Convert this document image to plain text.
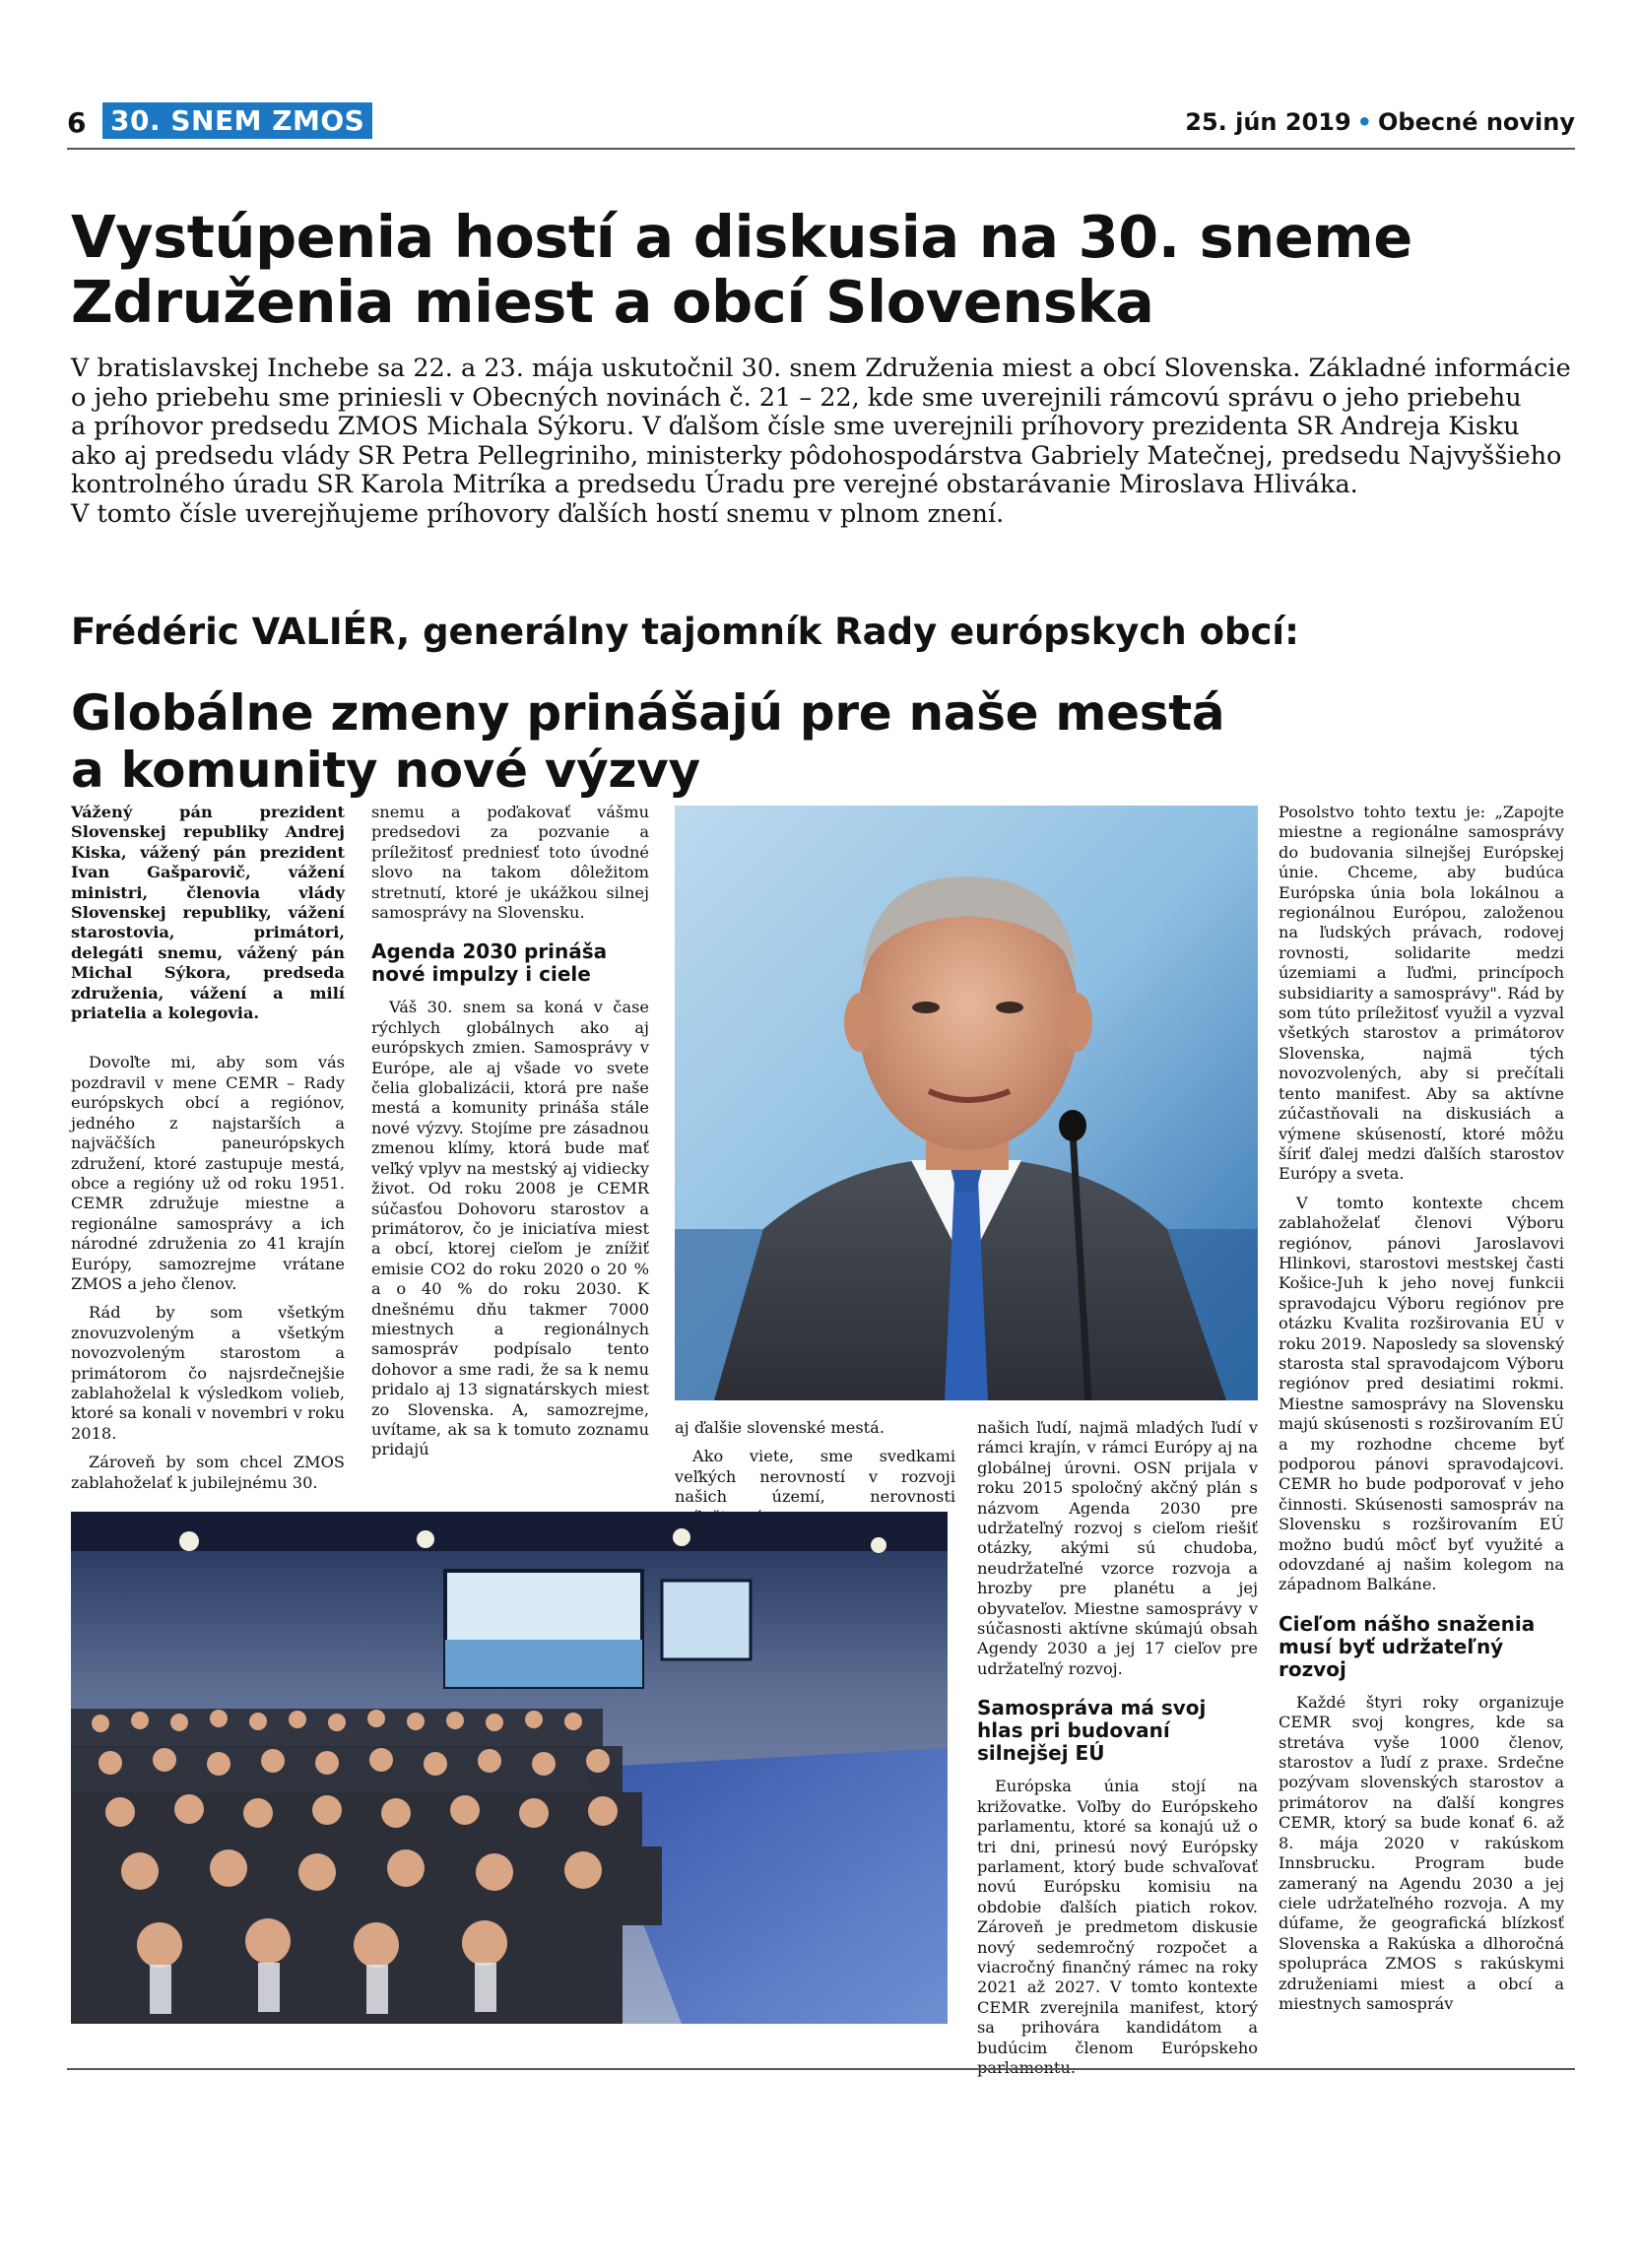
6 30. SNEM ZMOS	25. jún 2019 • Obecné noviny
Vystúpenia hostí a diskusia na 30. sneme
Združenia miest a obcí Slovenska
V bratislavskej Inchebe sa 22. a 23. mája uskutočnil 30. snem Združenia miest a obcí Slovenska. Základné informácie
o jeho priebehu sme priniesli v Obecných novinách č. 21 – 22, kde sme uverejnili rámcovú správu o jeho priebehu
a príhovor predsedu ZMOS Michala Sýkoru. V ďalšom čísle sme uverejnili príhovory prezidenta SR Andreja Kisku
ako aj predsedu vlády SR Petra Pellegriniho, ministerky pôdohospodárstva Gabriely Matečnej, predsedu Najvyššieho
kontrolného úradu SR Karola Mitríka a predsedu Úradu pre verejné obstarávanie Miroslava Hliváka.
V tomto čísle uverejňujeme príhovory ďalších hostí snemu v plnom znení.
Frédéric VALIÉR, generálny tajomník Rady európskych obcí:
Globálne zmeny prinášajú pre naše mestá
a komunity nové výzvy
Vážený pán prezident Slovenskej republiky Andrej Kiska, vážený pán prezident Ivan Gašparovič, vážení ministri, členovia vlády Slovenskej republiky, vážení starostovia, primátori, delegáti snemu, vážený pán Michal Sýkora, predseda združenia, vážení a milí priatelia a kolegovia.

Dovoľte mi, aby som vás pozdravil v mene CEMR – Rady európskych obcí a regiónov, jedného z najstarších a najväčších paneurópskych združení, ktoré zastupuje mestá, obce a regióny už od roku 1951. CEMR združuje miestne a regionálne samosprávy a ich národné združenia zo 41 krajín Európy, samozrejme vrátane ZMOS a jeho členov.

Rád by som všetkým znovuzvoleným a všetkým novozvoleným starostom a primátorom čo najsrdečnejšie zablahoželal k výsledkom volieb, ktoré sa konali v novembri v roku 2018.

Zároveň by som chcel ZMOS zablahoželať k jubilejnému 30.

snemu a poďakovať vášmu predsedovi za pozvanie a príležitosť predniesť toto úvodné slovo na takom dôležitom stretnutí, ktoré je ukážkou silnej samosprávy na Slovensku.

Agenda 2030 prináša nové impulzy i ciele

Váš 30. snem sa koná v čase rýchlych globálnych ako aj európskych zmien. Samosprávy v Európe, ale aj všade vo svete čelia globalizácii, ktorá pre naše mestá a komunity prináša stále nové výzvy. Stojíme pre zásadnou zmenou klímy, ktorá bude mať veľký vplyv na mestský aj vidiecky život. Od roku 2008 je CEMR súčasťou Dohovoru starostov a primátorov, čo je iniciatíva miest a obcí, ktorej cieľom je znížiť emisie CO2 do roku 2020 o 20 % a o 40 % do roku 2030. K dnešnému dňu takmer 7000 miestnych a regionálnych samospráv podpísalo tento dohovor a sme radi, že sa k nemu pridalo aj 13 signatárskych miest zo Slovenska. A, samozrejme, uvítame, ak sa k tomuto zoznamu pridajú

aj ďalšie slovenské mestá.

Ako viete, sme svedkami veľkých nerovností v rozvoji našich území, nerovnosti

našich ľudí, najmä mladých ľudí v rámci krajín, v rámci Európy aj na globálnej úrovni. OSN prijala v roku 2015 spoločný akčný plán s názvom Agenda 2030 pre udržateľný rozvoj s cieľom riešiť otázky, akými sú chudoba, neudržateľné vzorce rozvoja a hrozby pre planétu a jej obyvateľov. Miestne samosprávy v súčasnosti aktívne skúmajú obsah Agendy 2030 a jej 17 cieľov pre udržateľný rozvoj.

Samospráva má svoj hlas pri budovaní silnejšej EÚ

Európska únia stojí na križovatke. Voľby do Európskeho parlamentu, ktoré sa konajú už o tri dni, prinesú nový Európsky parlament, ktorý bude schvaľovať novú Európsku komisiu na obdobie ďalších piatich rokov. Zároveň je predmetom diskusie nový sedemročný rozpočet a viacročný finančný rámec na roky 2021 až 2027. V tomto kontexte CEMR zverejnila manifest, ktorý sa prihovára kandidátom a budúcim členom Európskeho

Posolstvo tohto textu je: „Zapojte miestne a regionálne samosprávy do budovania silnejšej Európskej únie. Chceme, aby budúca Európska únia bola lokálnou a regionálnou Európou, založenou na ľudských právach, rodovej rovnosti, solidarite medzi územiami a ľuďmi, princípoch subsidiarity a samosprávy". Rád by som túto príležitosť využil a vyzval všetkých starostov a primátorov Slovenska, najmä tých novozvolených, aby si prečítali tento manifest. Aby sa aktívne zúčastňovali na diskusiách a výmene skúseností, ktoré môžu šíriť ďalej medzi ďalších starostov Európy a sveta.

V tomto kontexte chcem zablahoželať členovi Výboru regiónov, pánovi Jaroslavovi Hlinkovi, starostovi mestskej časti Košice-Juh k jeho novej funkcii spravodajcu Výboru regiónov pre otázku Kvalita rozširovania EÚ v roku 2019. Naposledy sa slovenský starosta stal spravodajcom Výboru regiónov pred desiatimi rokmi. Miestne samosprávy na Slovensku majú skúsenosti s rozširovaním EÚ a my rozhodne chceme byť podporou pánovi spravodajcovi. CEMR ho bude podporovať v jeho činnosti. Skúsenosti samospráv na Slovensku s rozširovaním EÚ možno budú môcť byť využité a odovzdané aj našim kolegom na západnom Balkáne.

Cieľom nášho snaženia musí byť udržateľný rozvoj

Každé štyri roky organizuje CEMR svoj kongres, kde sa stretáva vyše 1000 členov, starostov a ľudí z praxe. Srdečne pozývam slovenských starostov a primátorov na ďalší kongres CEMR, ktorý sa bude konať 6. až 8. mája 2020 v rakúskom Innsbrucku. Program bude zameraný na Agendu 2030 a jej ciele udržateľného rozvoja. A my dúfame, že geografická blízkosť Slovenska a Rakúska a dlhoročná spolupráca ZMOS s rakúskymi združeniami miest a obcí a miestnych samospráv
